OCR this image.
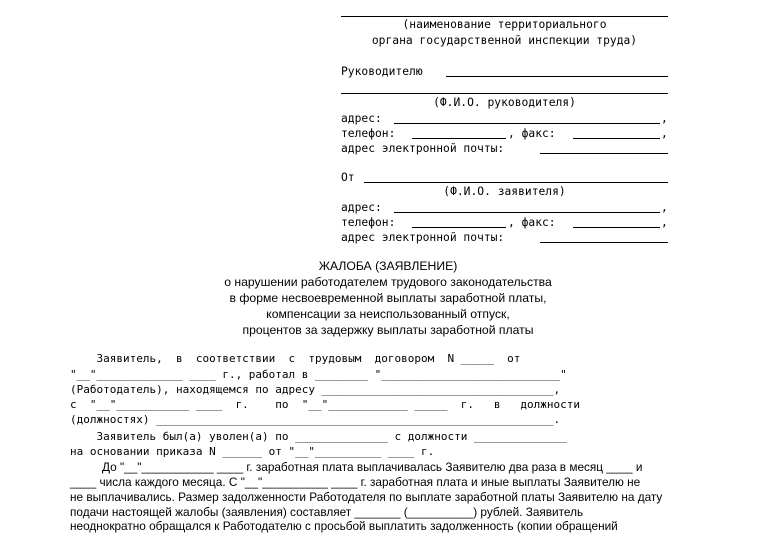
(наименование территориального
органа государственной инспекции труда)
Руководителю
(Ф.И.О. руководителя)
адрес:	,
телефон:	, факс:	,
адрес электронной почты:
От
(Ф.И.О. заявителя)
адрес:	,
телефон:	, факс:	,
адрес электронной почты:
ЖАЛОБА (ЗАЯВЛЕНИЕ)
о нарушении работодателем трудового законодательства
в форме несвоевременной выплаты заработной платы,
компенсации за неиспользованный отпуск,
процентов за задержку выплаты заработной платы
Заявитель,  в  соответствии  с  трудовым  договором  N _____  от
"__"_____________ ____ г., работал в ________ "___________________________"
(Работодатель), находящемся по адресу ___________________________________,
с  "__"___________ ____  г.    по  "__"____________ _____  г.   в   должности
(должностях) ____________________________________________________________.
Заявитель был(а) уволен(а) по ______________ с должности ______________
на основании приказа N ______ от "__"__________ ____ г.
До "__"___________ ____ г. заработная плата выплачивалась Заявителю два раза в месяц ____ и
____ числа каждого месяца. С "__"__________ ____ г. заработная плата и иные выплаты Заявителю не
не выплачивались. Размер задолженности Работодателя по выплате заработной платы Заявителю на дату
подачи настоящей жалобы (заявления) составляет _______ (__________) рублей. Заявитель
неоднократно обращался к Работодателю с просьбой выплатить задолженность (копии обращений
